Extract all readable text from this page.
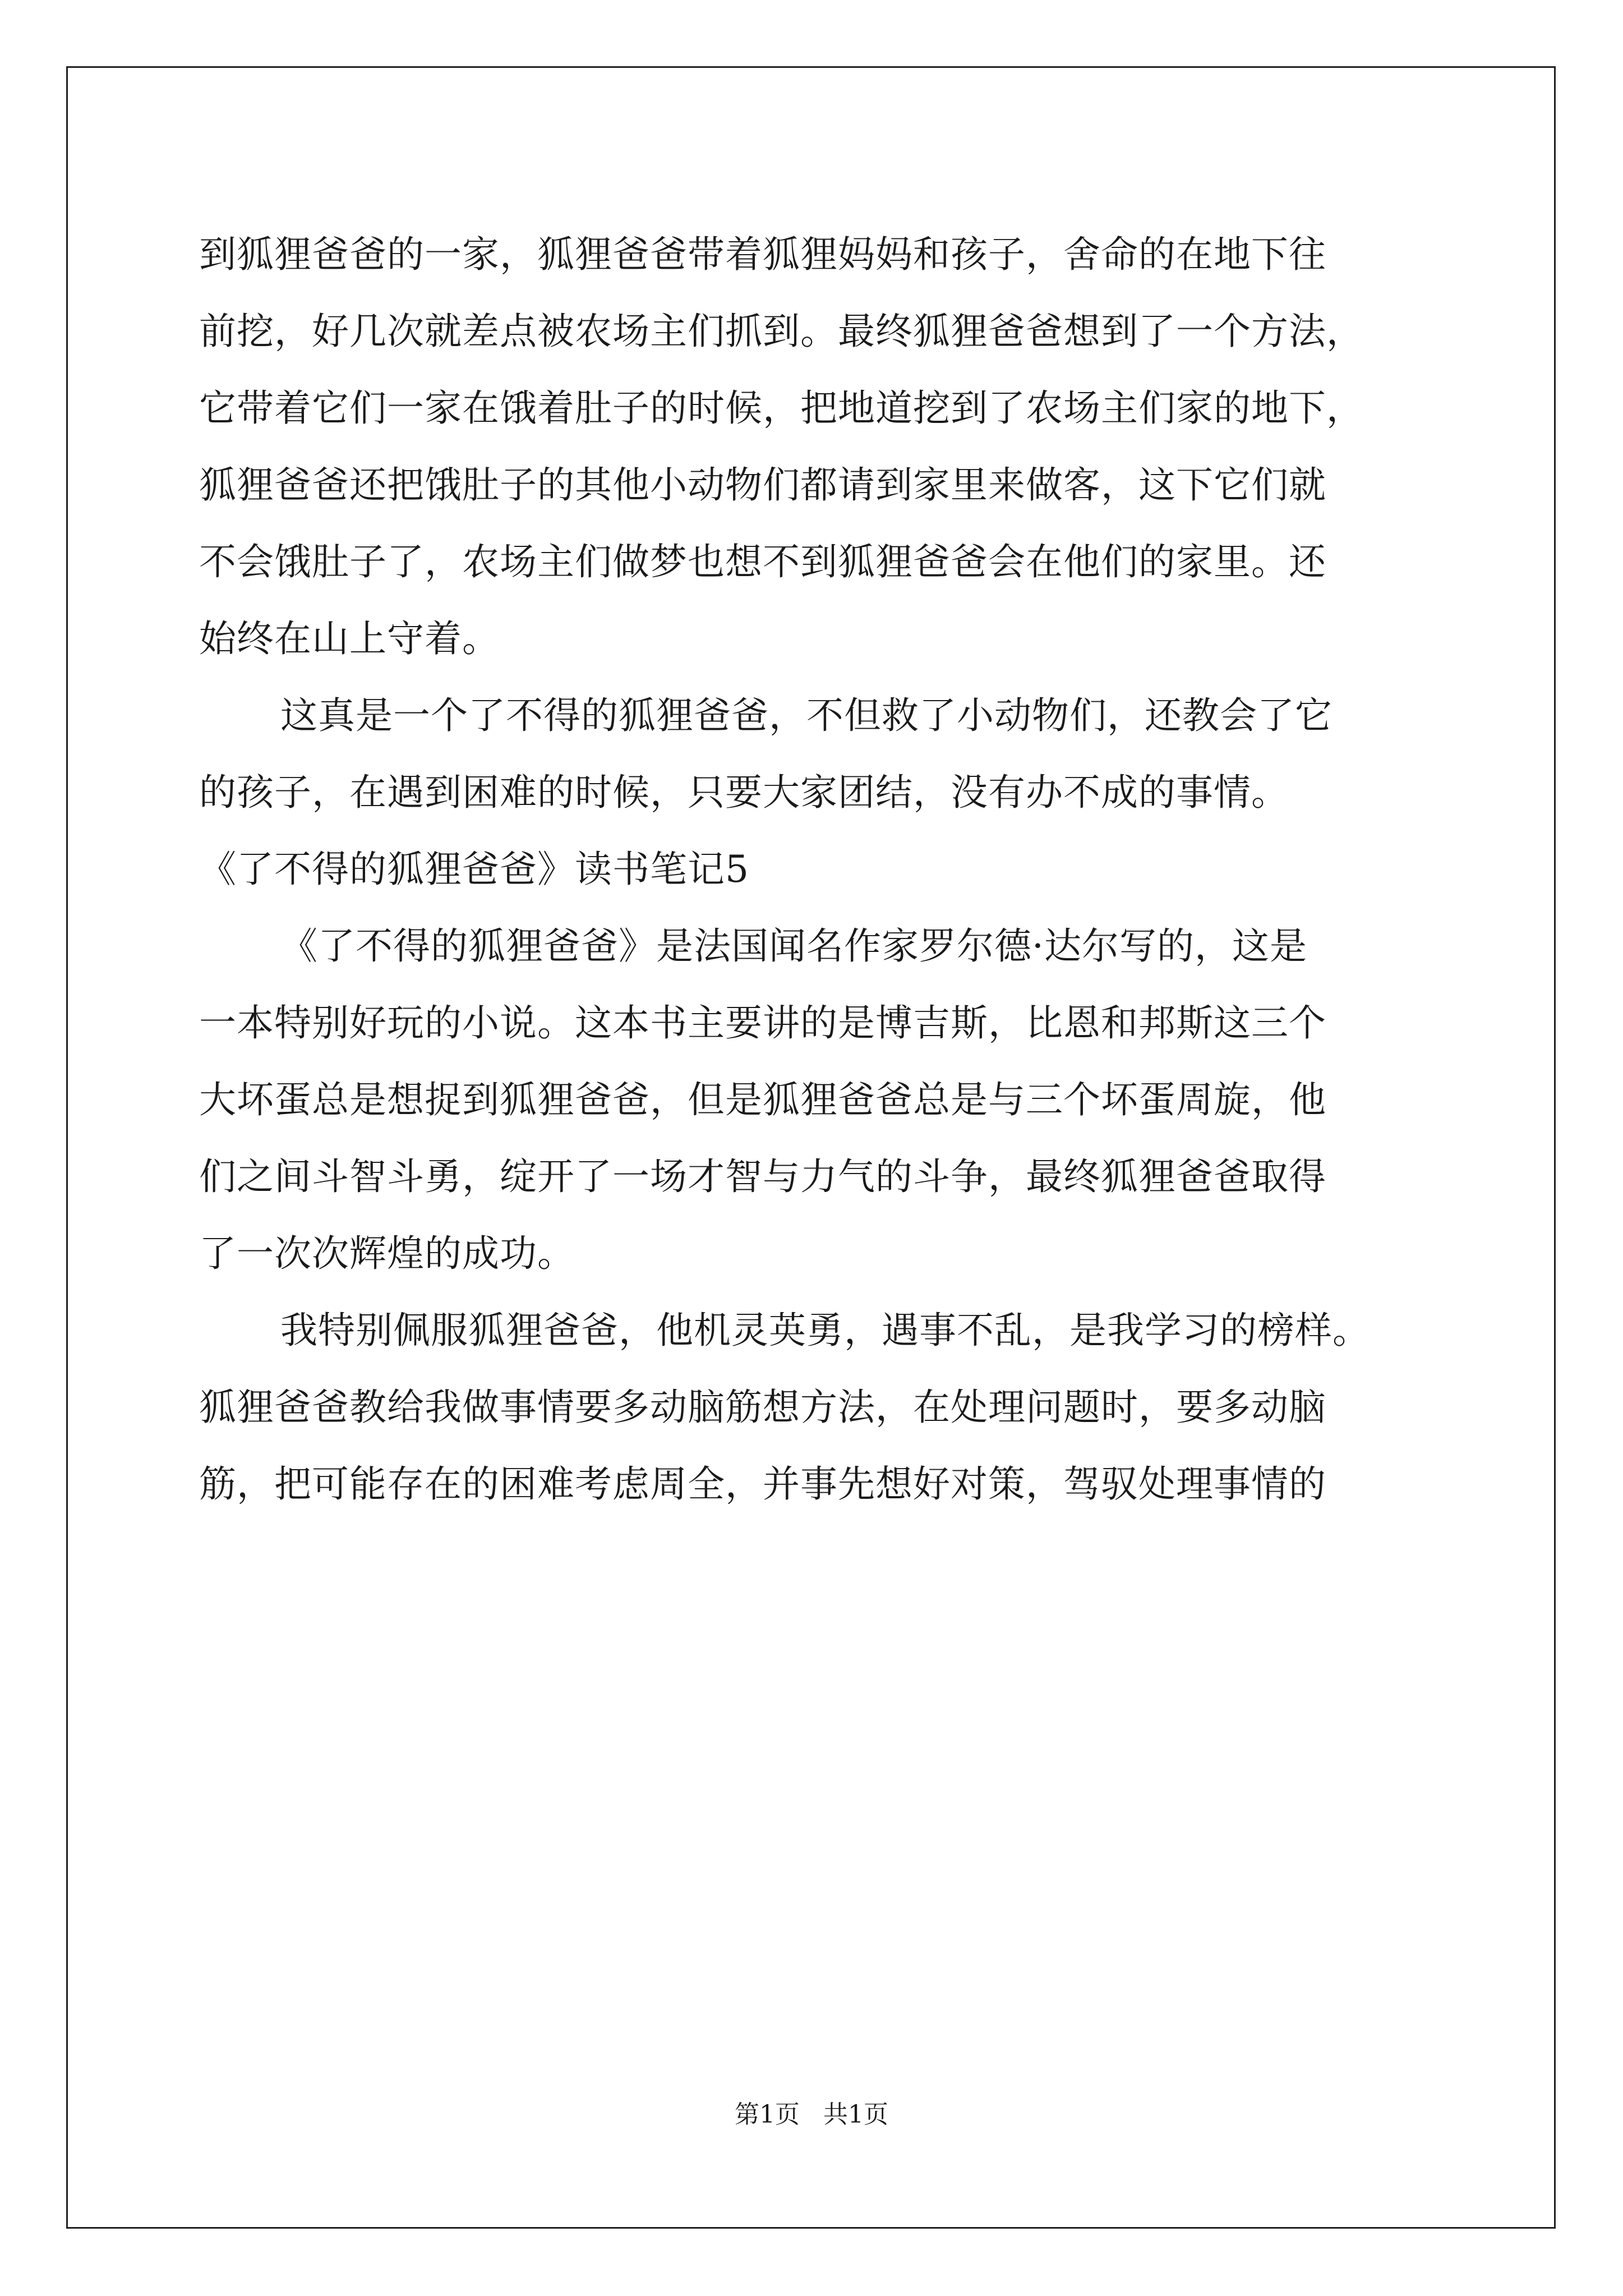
到狐狸爸爸的一家，狐狸爸爸带着狐狸妈妈和孩子，舍命的在地下往
前挖，好几次就差点被农场主们抓到。最终狐狸爸爸想到了一个方法，
它带着它们一家在饿着肚子的时候，把地道挖到了农场主们家的地下，
狐狸爸爸还把饿肚子的其他小动物们都请到家里来做客，这下它们就
不会饿肚子了，农场主们做梦也想不到狐狸爸爸会在他们的家里。还
始终在山上守着。
这真是一个了不得的狐狸爸爸，不但救了小动物们，还教会了它
的孩子，在遇到困难的时候，只要大家团结，没有办不成的事情。
《了不得的狐狸爸爸》读书笔记5
《了不得的狐狸爸爸》是法国闻名作家罗尔德·达尔写的，这是
一本特别好玩的小说。这本书主要讲的是博吉斯，比恩和邦斯这三个
大坏蛋总是想捉到狐狸爸爸，但是狐狸爸爸总是与三个坏蛋周旋，他
们之间斗智斗勇，绽开了一场才智与力气的斗争，最终狐狸爸爸取得
了一次次辉煌的成功。
我特别佩服狐狸爸爸，他机灵英勇，遇事不乱，是我学习的榜样。
狐狸爸爸教给我做事情要多动脑筋想方法，在处理问题时，要多动脑
筋，把可能存在的困难考虑周全，并事先想好对策，驾驭处理事情的
第1页   共1页
